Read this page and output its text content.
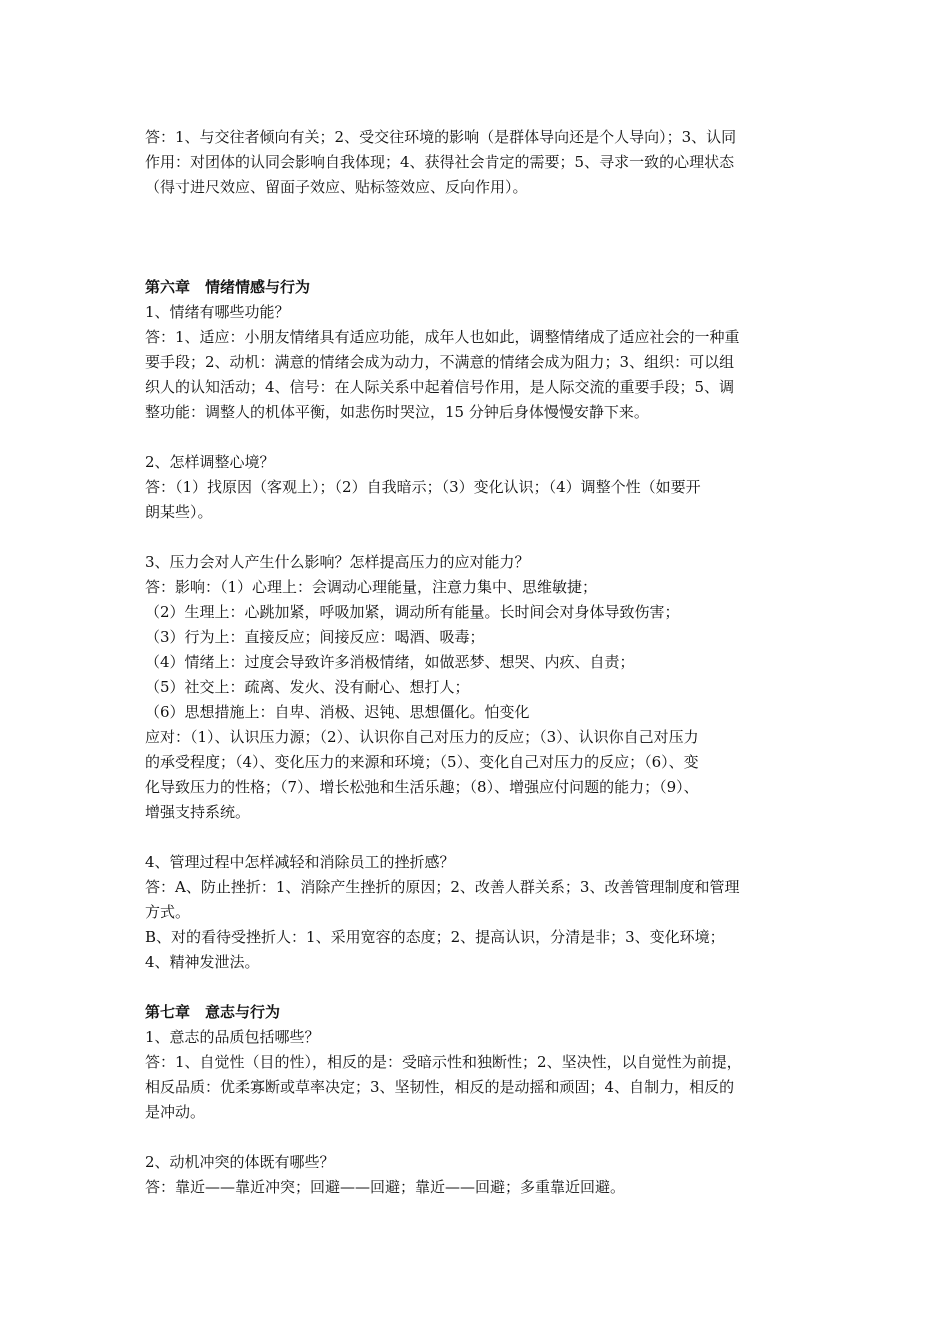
答：1、与交往者倾向有关；2、受交往环境的影响（是群体导向还是个人导向）；3、认同

作用：对团体的认同会影响自我体现；4、获得社会肯定的需要；5、寻求一致的心理状态

（得寸进尺效应、留面子效应、贴标签效应、反向作用）。

第六章　情绪情感与行为

1、情绪有哪些功能？

答：1、适应：小朋友情绪具有适应功能，成年人也如此，调整情绪成了适应社会的一种重

要手段；2、动机：满意的情绪会成为动力，不满意的情绪会成为阻力；3、组织：可以组

织人的认知活动；4、信号：在人际关系中起着信号作用，是人际交流的重要手段；5、调

整功能：调整人的机体平衡，如悲伤时哭泣，15 分钟后身体慢慢安静下来。

2、怎样调整心境？

答：（1）找原因（客观上）；（2）自我暗示；（3）变化认识；（4）调整个性（如要开

朗某些）。

3、压力会对人产生什么影响？怎样提高压力的应对能力？

答：影响：（1）心理上：会调动心理能量，注意力集中、思维敏捷；

（2）生理上：心跳加紧，呼吸加紧，调动所有能量。长时间会对身体导致伤害；

（3）行为上：直接反应；间接反应：喝酒、吸毒；

（4）情绪上：过度会导致许多消极情绪，如做恶梦、想哭、内疚、自责；

（5）社交上：疏离、发火、没有耐心、想打人；

（6）思想措施上：自卑、消极、迟钝、思想僵化。怕变化

应对：（1）、认识压力源；（2）、认识你自己对压力的反应；（3）、认识你自己对压力

的承受程度；（4）、变化压力的来源和环境；（5）、变化自己对压力的反应；（6）、变

化导致压力的性格；（7）、增长松弛和生活乐趣；（8）、增强应付问题的能力；（9）、

增强支持系统。

4、管理过程中怎样减轻和消除员工的挫折感？

答：A、防止挫折：1、消除产生挫折的原因；2、改善人群关系；3、改善管理制度和管理

方式。

B、对的看待受挫折人：1、采用宽容的态度；2、提高认识，分清是非；3、变化环境；

4、精神发泄法。

第七章　意志与行为

1、意志的品质包括哪些？

答：1、自觉性（目的性），相反的是：受暗示性和独断性；2、坚决性，以自觉性为前提，

相反品质：优柔寡断或草率决定；3、坚韧性，相反的是动摇和顽固；4、自制力，相反的

是冲动。

2、动机冲突的体既有哪些？

答：靠近——靠近冲突；回避——回避；靠近——回避；多重靠近回避。
